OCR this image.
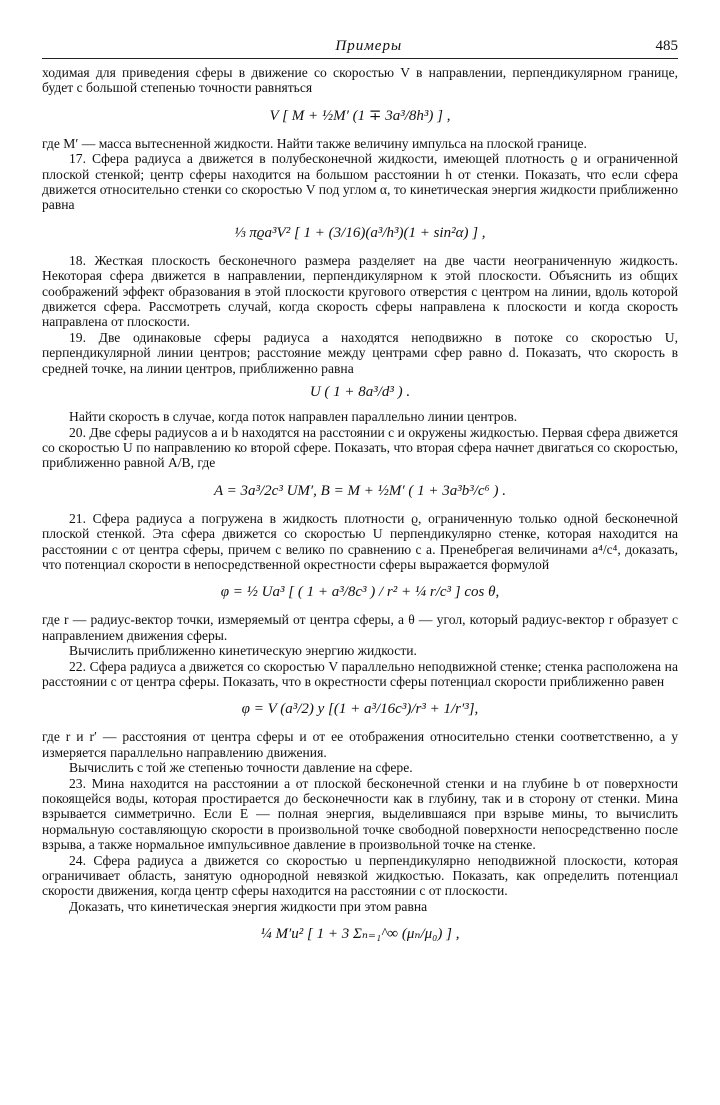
Примеры	485

ходимая для приведения сферы в движение со скоростью V в направлении, перпендикулярном границе, будет с большой степенью точности равняться

V [ M + ½M′ (1 ∓ 3a³/8h³) ] ,

где M′ — масса вытесненной жидкости. Найти также величину импульса на плоской границе.

17. Сфера радиуса a движется в полубесконечной жидкости, имеющей плотность ϱ и ограниченной плоской стенкой; центр сферы находится на большом расстоянии h от стенки. Показать, что если сфера движется относительно стенки со скоростью V под углом α, то кинетическая энергия жидкости приближенно равна

⅓ πϱa³V² [ 1 + (3/16)(a³/h³)(1 + sin²α) ] ,

18. Жесткая плоскость бесконечного размера разделяет на две части неограниченную жидкость. Некоторая сфера движется в направлении, перпендикулярном к этой плоскости. Объяснить из общих соображений эффект образования в этой плоскости кругового отверстия с центром на линии, вдоль которой движется сфера. Рассмотреть случай, когда скорость сферы направлена к плоскости и когда скорость направлена от плоскости.

19. Две одинаковые сферы радиуса a находятся неподвижно в потоке со скоростью U, перпендикулярной линии центров; расстояние между центрами сфер равно d. Показать, что скорость в средней точке, на линии центров, приближенно равна

U ( 1 + 8a³/d³ ) .

Найти скорость в случае, когда поток направлен параллельно линии центров.

20. Две сферы радиусов a и b находятся на расстоянии c и окружены жидкостью. Первая сфера движется со скоростью U по направлению ко второй сфере. Показать, что вторая сфера начнет двигаться со скоростью, приближенно равной A/B, где

A = 3a³/2c³ UM′, B = M + ½M′ ( 1 + 3a³b³/c⁶ ) .

21. Сфера радиуса a погружена в жидкость плотности ϱ, ограниченную только одной бесконечной плоской стенкой. Эта сфера движется со скоростью U перпендикулярно стенке, которая находится на расстоянии c от центра сферы, причем c велико по сравнению с a. Пренебрегая величинами a⁴/c⁴, доказать, что потенциал скорости в непосредственной окрестности сферы выражается формулой

φ = ½ Ua³ [ ( 1 + a³/8c³ ) / r² + ¼ r/c³ ] cos θ,

где r — радиус-вектор точки, измеряемый от центра сферы, а θ — угол, который радиус-вектор r образует с направлением движения сферы.

Вычислить приближенно кинетическую энергию жидкости.

22. Сфера радиуса a движется со скоростью V параллельно неподвижной стенке; стенка расположена на расстоянии c от центра сферы. Показать, что в окрестности сферы потенциал скорости приближенно равен

φ = V (a³/2) y [(1 + a³/16c³)/r³ + 1/r′³],

где r и r′ — расстояния от центра сферы и от ее отображения относительно стенки соответственно, а y измеряется параллельно направлению движения.

Вычислить с той же степенью точности давление на сфере.

23. Мина находится на расстоянии a от плоской бесконечной стенки и на глубине b от поверхности покоящейся воды, которая простирается до бесконечности как в глубину, так и в сторону от стенки. Мина взрывается симметрично. Если E — полная энергия, выделившаяся при взрыве мины, то вычислить нормальную составляющую скорости в произвольной точке свободной поверхности непосредственно после взрыва, а также нормальное импульсивное давление в произвольной точке на стенке.

24. Сфера радиуса a движется со скоростью u перпендикулярно неподвижной плоскости, которая ограничивает область, занятую однородной невязкой жидкостью. Показать, как определить потенциал скорости движения, когда центр сферы находится на расстоянии c от плоскости.

Доказать, что кинетическая энергия жидкости при этом равна

¼ M′u² [ 1 + 3 Σₙ₌₁^∞ (μₙ/μ₀) ] ,
